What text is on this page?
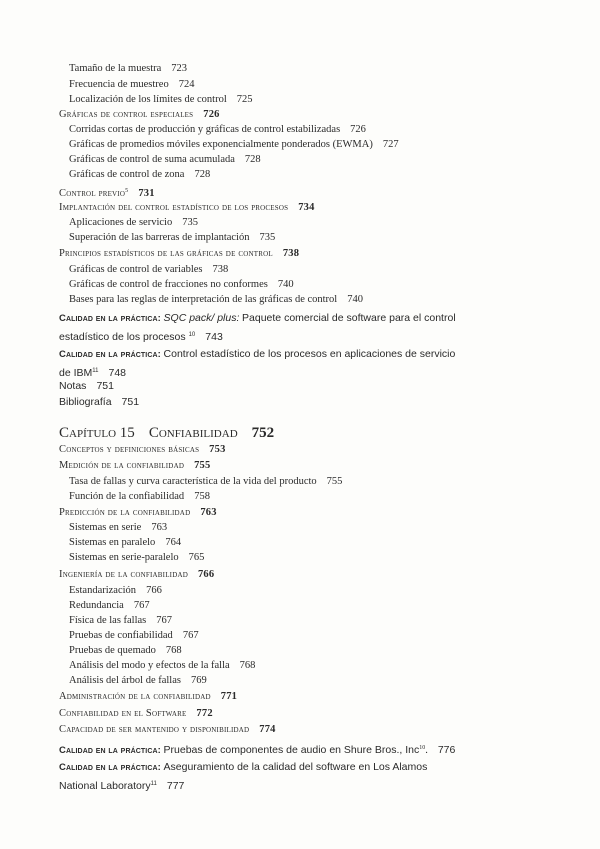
Tamaño de la muestra 723
Frecuencia de muestreo 724
Localización de los límites de control 725
Gráficas de control especiales 726
Corridas cortas de producción y gráficas de control estabilizadas 726
Gráficas de promedios móviles exponencialmente ponderados (EWMA) 727
Gráficas de control de suma acumulada 728
Gráficas de control de zona 728
Control previo$^5$ 731
Implantación del control estadístico de los procesos 734
Aplicaciones de servicio 735
Superación de las barreras de implantación 735
Principios estadísticos de las gráficas de control 738
Gráficas de control de variables 738
Gráficas de control de fracciones no conformes 740
Bases para las reglas de interpretación de las gráficas de control 740
Calidad en la práctica: SQC pack/ plus: Paquete comercial de software para el control
estadístico de los procesos $^{10}$ 743
Calidad en la práctica: Control estadístico de los procesos en aplicaciones de servicio
de IBM$^{11}$ 748
Notas 751
Bibliografía 751
Capítulo 15 Confiabilidad 752
Conceptos y definiciones básicas 753
Medición de la confiabilidad 755
Tasa de fallas y curva característica de la vida del producto 755
Función de la confiabilidad 758
Predicción de la confiabilidad 763
Sistemas en serie 763
Sistemas en paralelo 764
Sistemas en serie-paralelo 765
Ingeniería de la confiabilidad 766
Estandarización 766
Redundancia 767
Física de las fallas 767
Pruebas de confiabilidad 767
Pruebas de quemado 768
Análisis del modo y efectos de la falla 768
Análisis del árbol de fallas 769
Administración de la confiabilidad 771
Confiabilidad en el Software 772
Capacidad de ser mantenido y disponibilidad 774
Calidad en la práctica: Pruebas de componentes de audio en Shure Bros., Inc$^{10}$. 776
Calidad en la práctica: Aseguramiento de la calidad del software en Los Alamos
National Laboratory$^{11}$ 777
